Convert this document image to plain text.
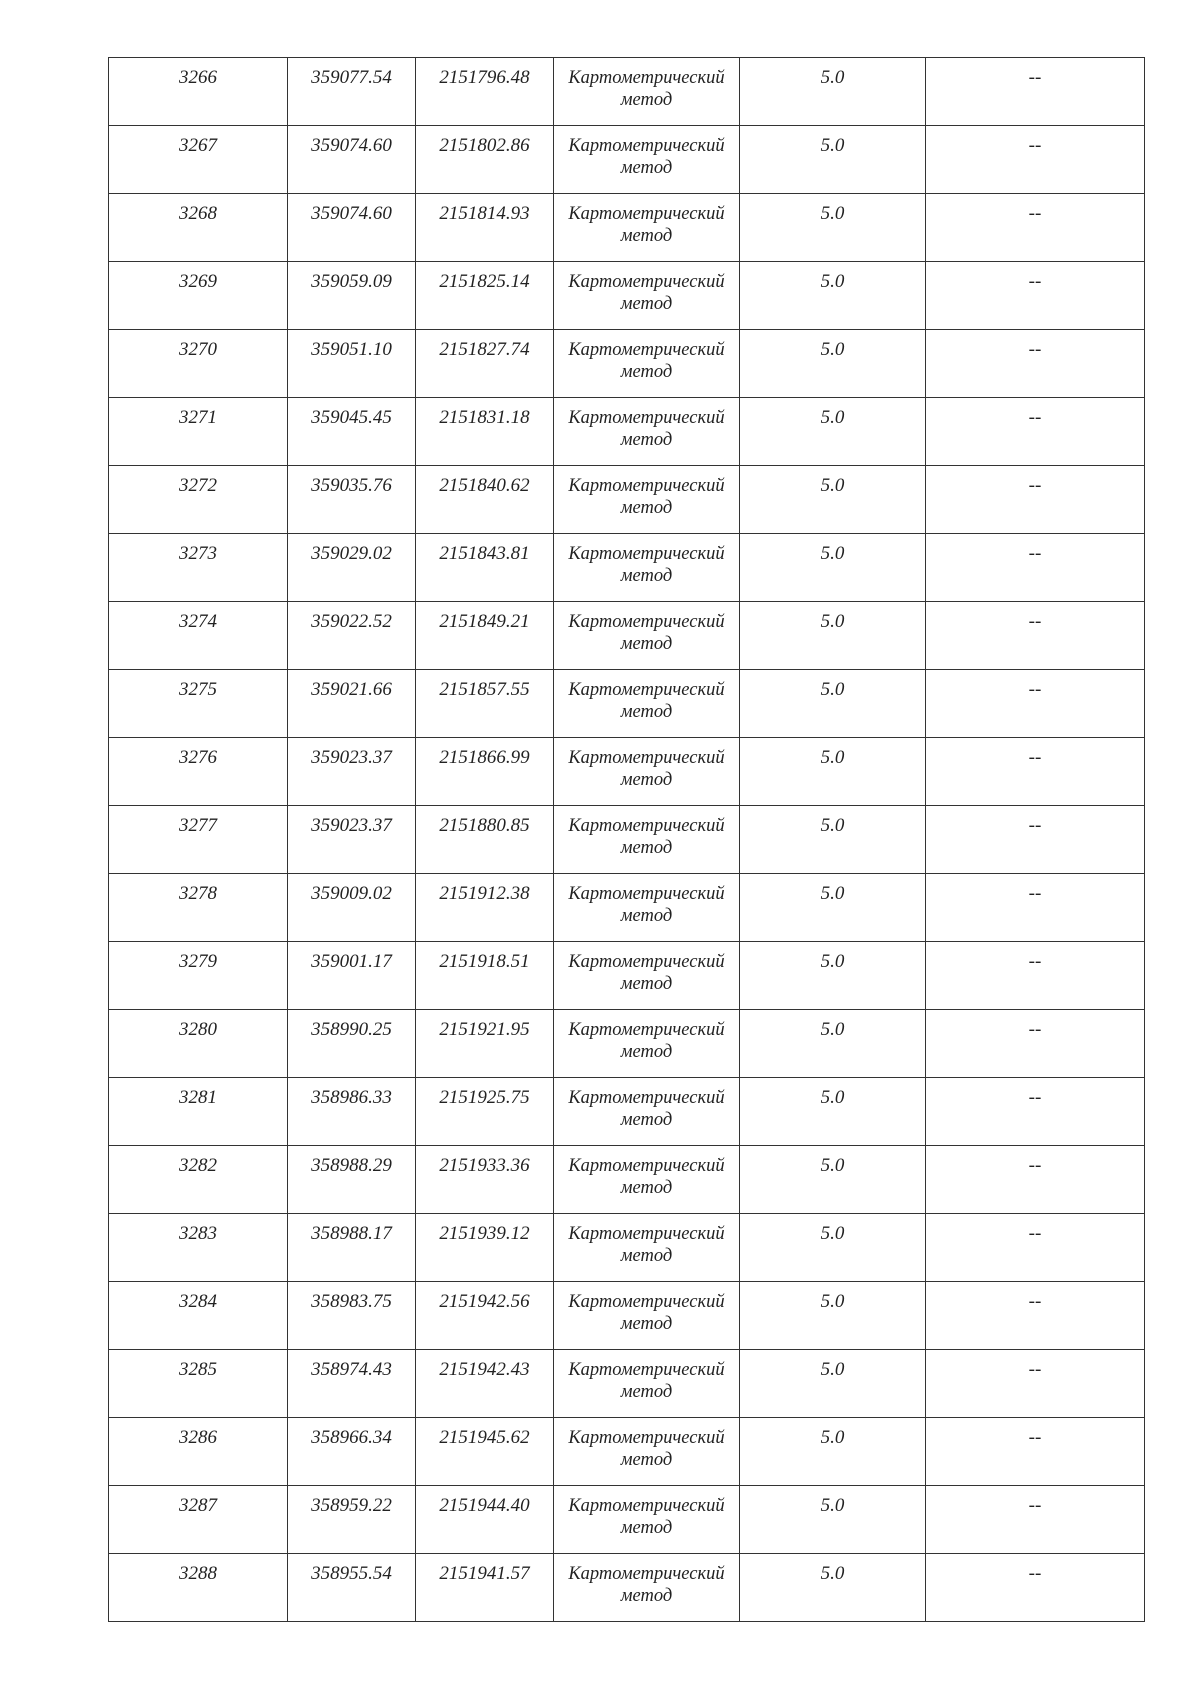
3266	359077.54	2151796.48	Картометрический
метод	5.0	--
3267	359074.60	2151802.86	Картометрический
метод	5.0	--
3268	359074.60	2151814.93	Картометрический
метод	5.0	--
3269	359059.09	2151825.14	Картометрический
метод	5.0	--
3270	359051.10	2151827.74	Картометрический
метод	5.0	--
3271	359045.45	2151831.18	Картометрический
метод	5.0	--
3272	359035.76	2151840.62	Картометрический
метод	5.0	--
3273	359029.02	2151843.81	Картометрический
метод	5.0	--
3274	359022.52	2151849.21	Картометрический
метод	5.0	--
3275	359021.66	2151857.55	Картометрический
метод	5.0	--
3276	359023.37	2151866.99	Картометрический
метод	5.0	--
3277	359023.37	2151880.85	Картометрический
метод	5.0	--
3278	359009.02	2151912.38	Картометрический
метод	5.0	--
3279	359001.17	2151918.51	Картометрический
метод	5.0	--
3280	358990.25	2151921.95	Картометрический
метод	5.0	--
3281	358986.33	2151925.75	Картометрический
метод	5.0	--
3282	358988.29	2151933.36	Картометрический
метод	5.0	--
3283	358988.17	2151939.12	Картометрический
метод	5.0	--
3284	358983.75	2151942.56	Картометрический
метод	5.0	--
3285	358974.43	2151942.43	Картометрический
метод	5.0	--
3286	358966.34	2151945.62	Картометрический
метод	5.0	--
3287	358959.22	2151944.40	Картометрический
метод	5.0	--
3288	358955.54	2151941.57	Картометрический
метод	5.0	--
